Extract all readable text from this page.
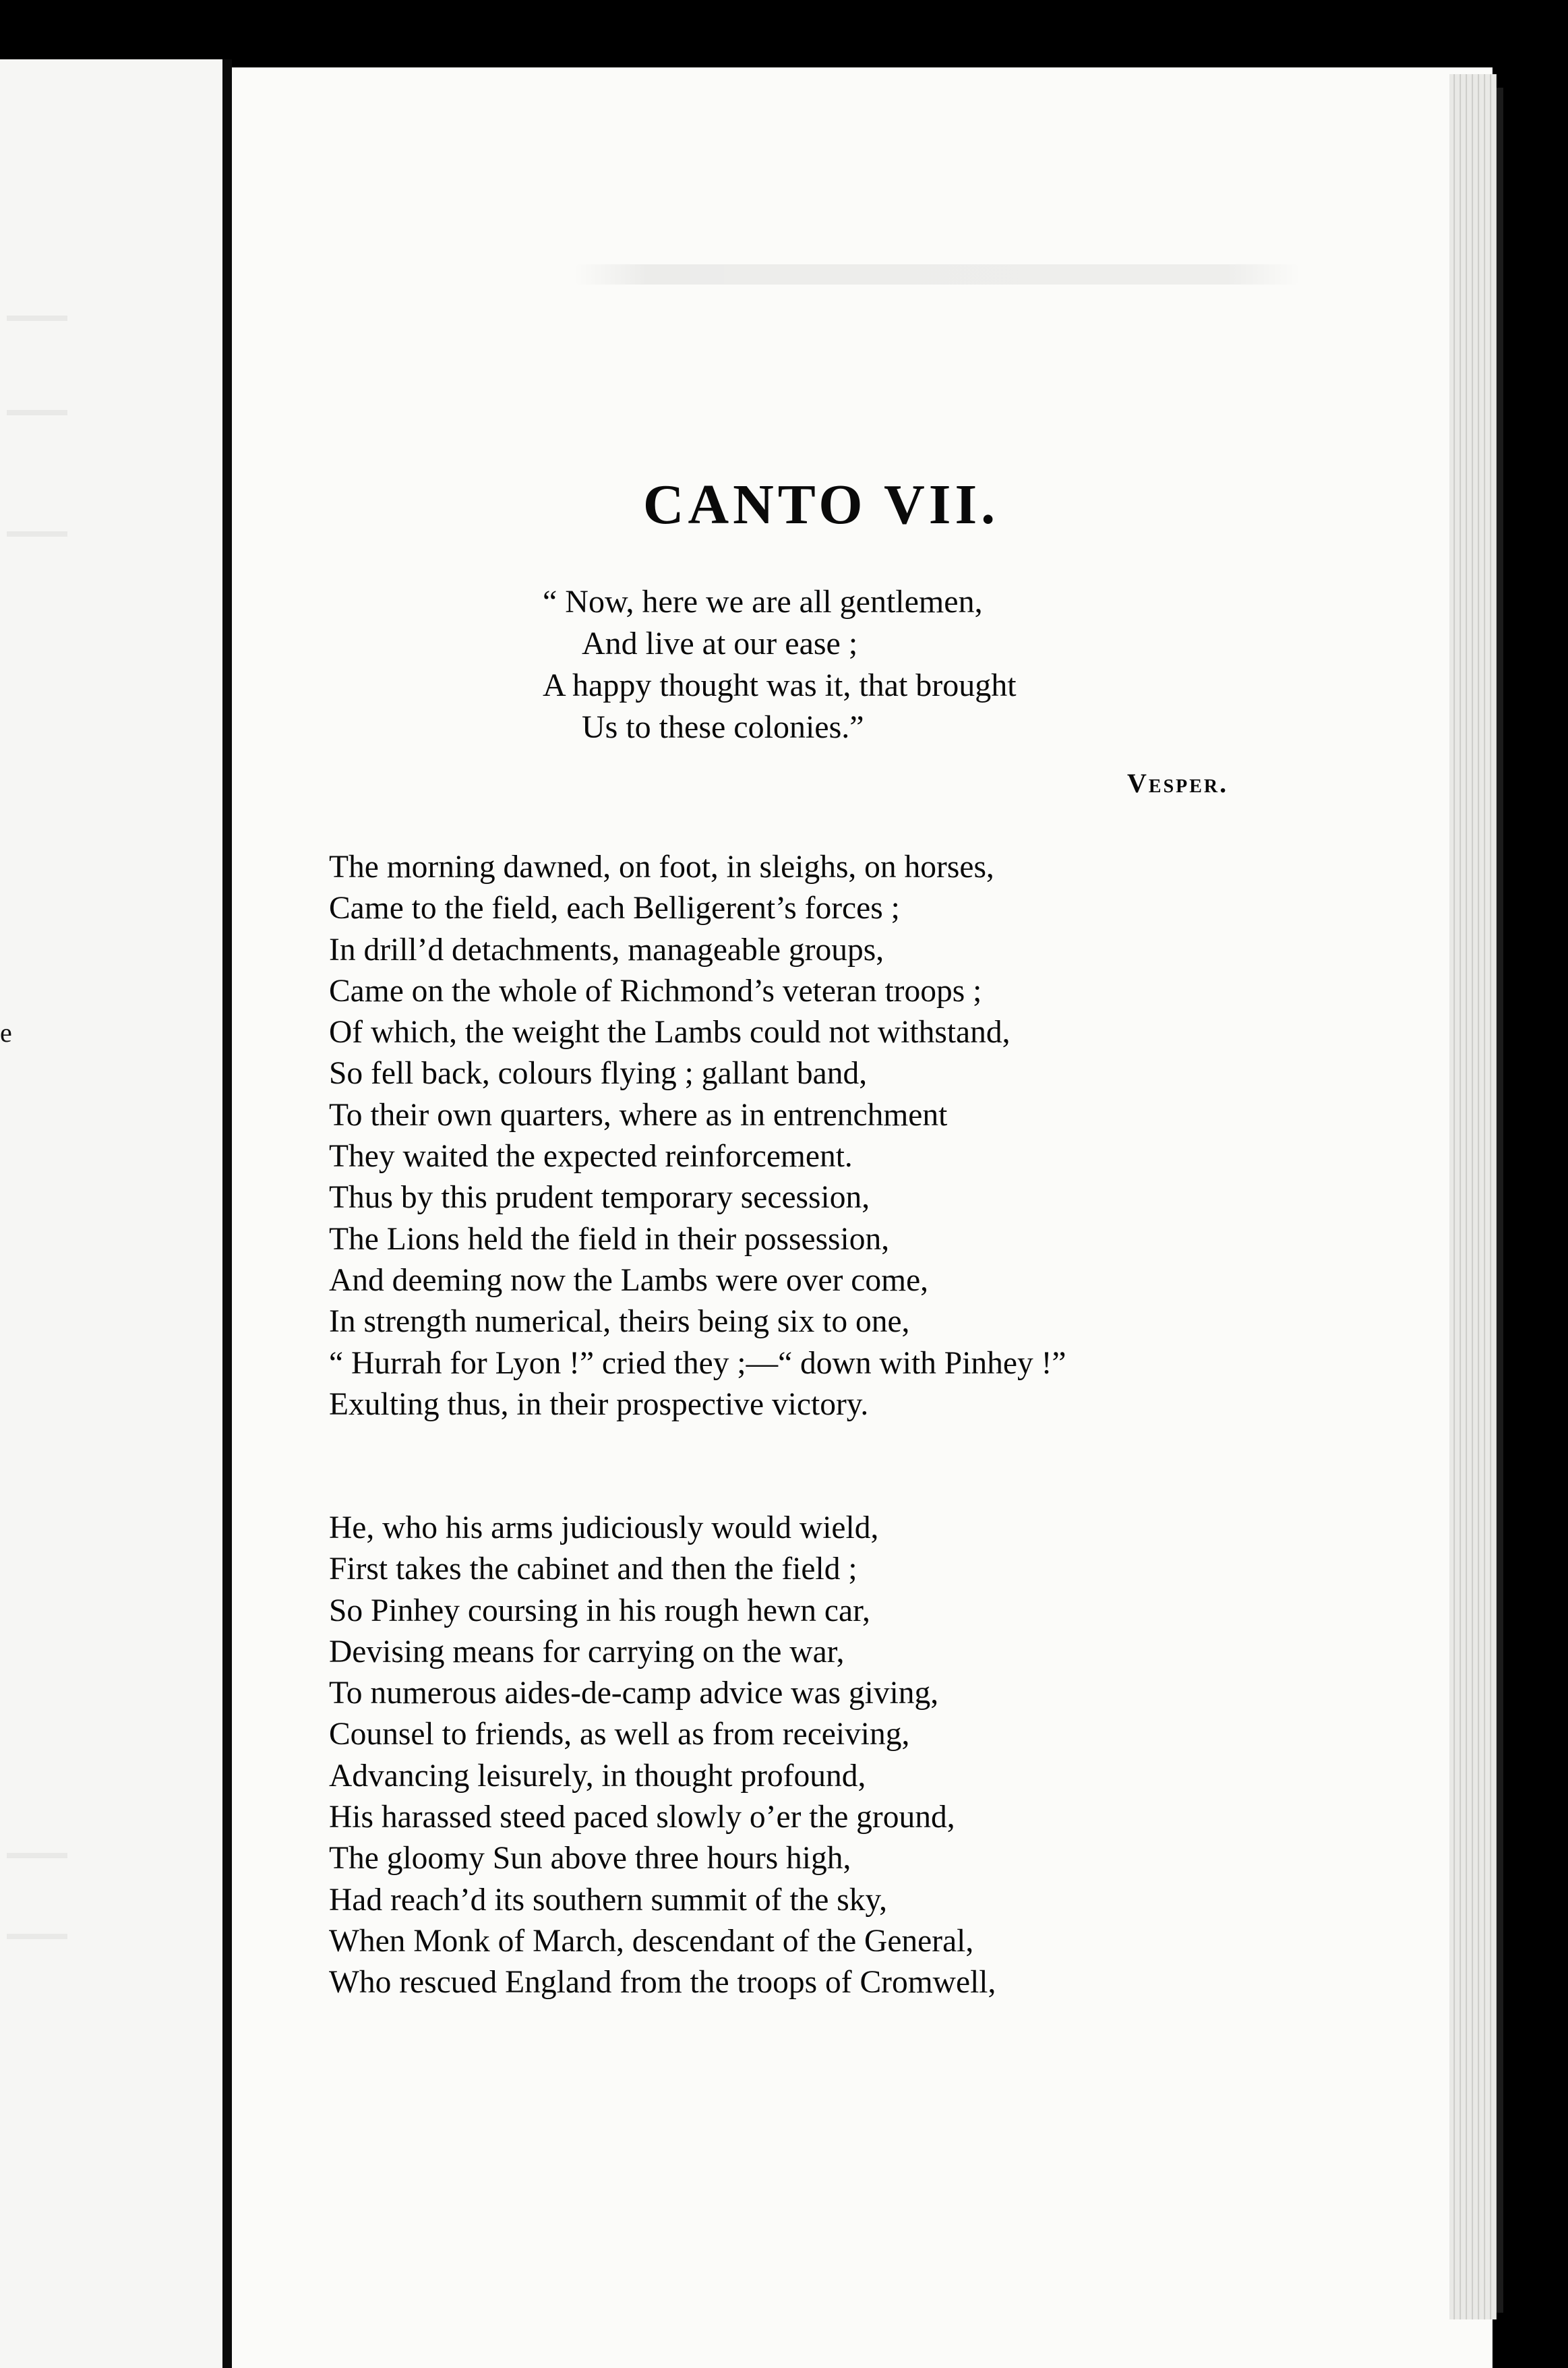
e
CANTO VII.
“ Now, here we are all gentlemen,
And live at our ease ;
A happy thought was it, that brought
Us to these colonies.”
Vesper.
The morning dawned, on foot, in sleighs, on horses,
Came to the field, each Belligerent’s forces ;
In drill’d detachments, manageable groups,
Came on the whole of Richmond’s veteran troops ;
Of which, the weight the Lambs could not withstand,
So fell back, colours flying ; gallant band,
To their own quarters, where as in entrenchment
They waited the expected reinforcement.
Thus by this prudent temporary secession,
The Lions held the field in their possession,
And deeming now the Lambs were over come,
In strength numerical, theirs being six to one,
“ Hurrah for Lyon !” cried they ;—“ down with Pinhey !”
Exulting thus, in their prospective victory.
He, who his arms judiciously would wield,
First takes the cabinet and then the field ;
So Pinhey coursing in his rough hewn car,
Devising means for carrying on the war,
To numerous aides-de-camp advice was giving,
Counsel to friends, as well as from receiving,
Advancing leisurely, in thought profound,
His harassed steed paced slowly o’er the ground,
The gloomy Sun above three hours high,
Had reach’d its southern summit of the sky,
When Monk of March, descendant of the General,
Who rescued England from the troops of Cromwell,
